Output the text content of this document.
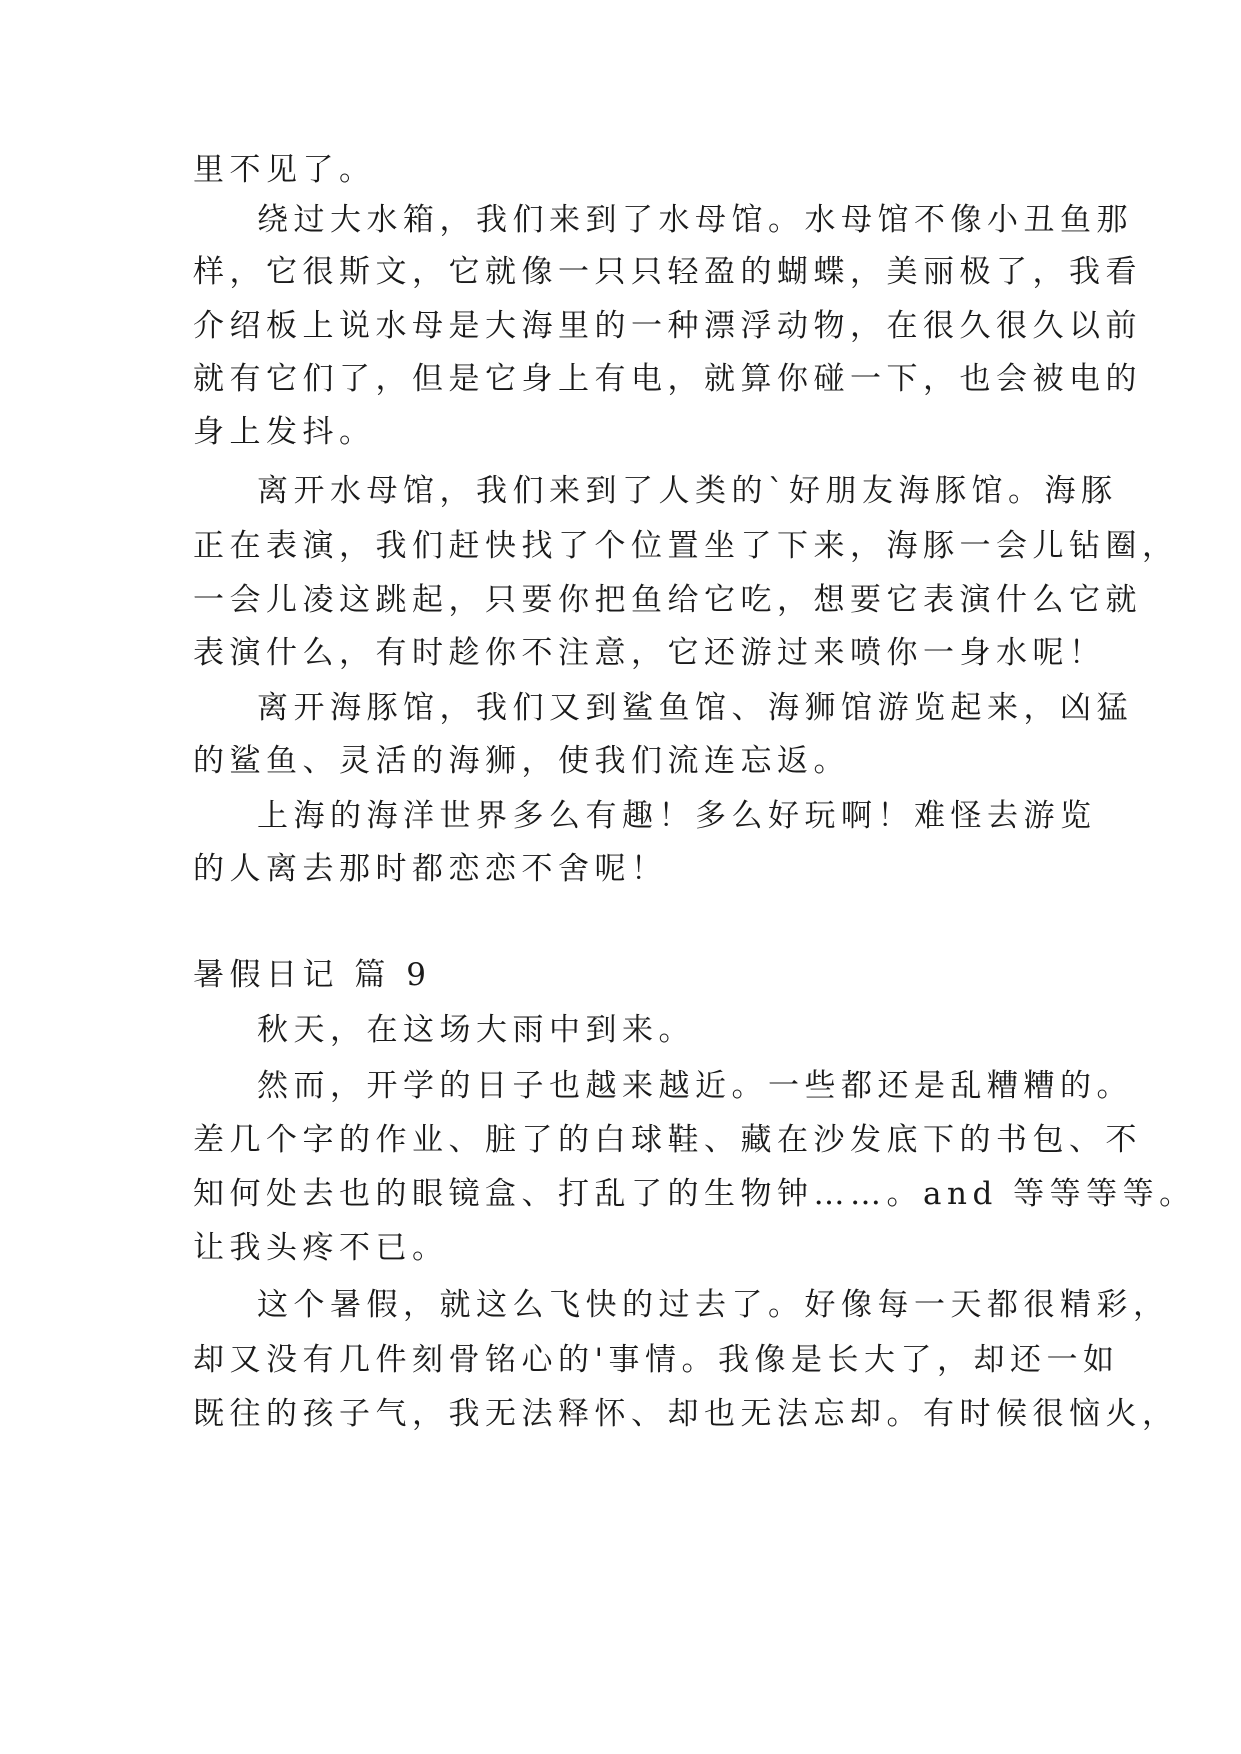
里不见了。
绕过大水箱，我们来到了水母馆。水母馆不像小丑鱼那
样，它很斯文，它就像一只只轻盈的蝴蝶，美丽极了，我看
介绍板上说水母是大海里的一种漂浮动物，在很久很久以前
就有它们了，但是它身上有电，就算你碰一下，也会被电的
身上发抖。
离开水母馆，我们来到了人类的`好朋友海豚馆。海豚
正在表演，我们赶快找了个位置坐了下来，海豚一会儿钻圈，
一会儿凌这跳起，只要你把鱼给它吃，想要它表演什么它就
表演什么，有时趁你不注意，它还游过来喷你一身水呢！
离开海豚馆，我们又到鲨鱼馆、海狮馆游览起来，凶猛
的鲨鱼、灵活的海狮，使我们流连忘返。
上海的海洋世界多么有趣！多么好玩啊！难怪去游览
的人离去那时都恋恋不舍呢！
暑假日记 篇 9
秋天，在这场大雨中到来。
然而，开学的日子也越来越近。一些都还是乱糟糟的。
差几个字的作业、脏了的白球鞋、藏在沙发底下的书包、不
知何处去也的眼镜盒、打乱了的生物钟……。and 等等等等。
让我头疼不已。
这个暑假，就这么飞快的过去了。好像每一天都很精彩，
却又没有几件刻骨铭心的'事情。我像是长大了，却还一如
既往的孩子气，我无法释怀、却也无法忘却。有时候很恼火，
